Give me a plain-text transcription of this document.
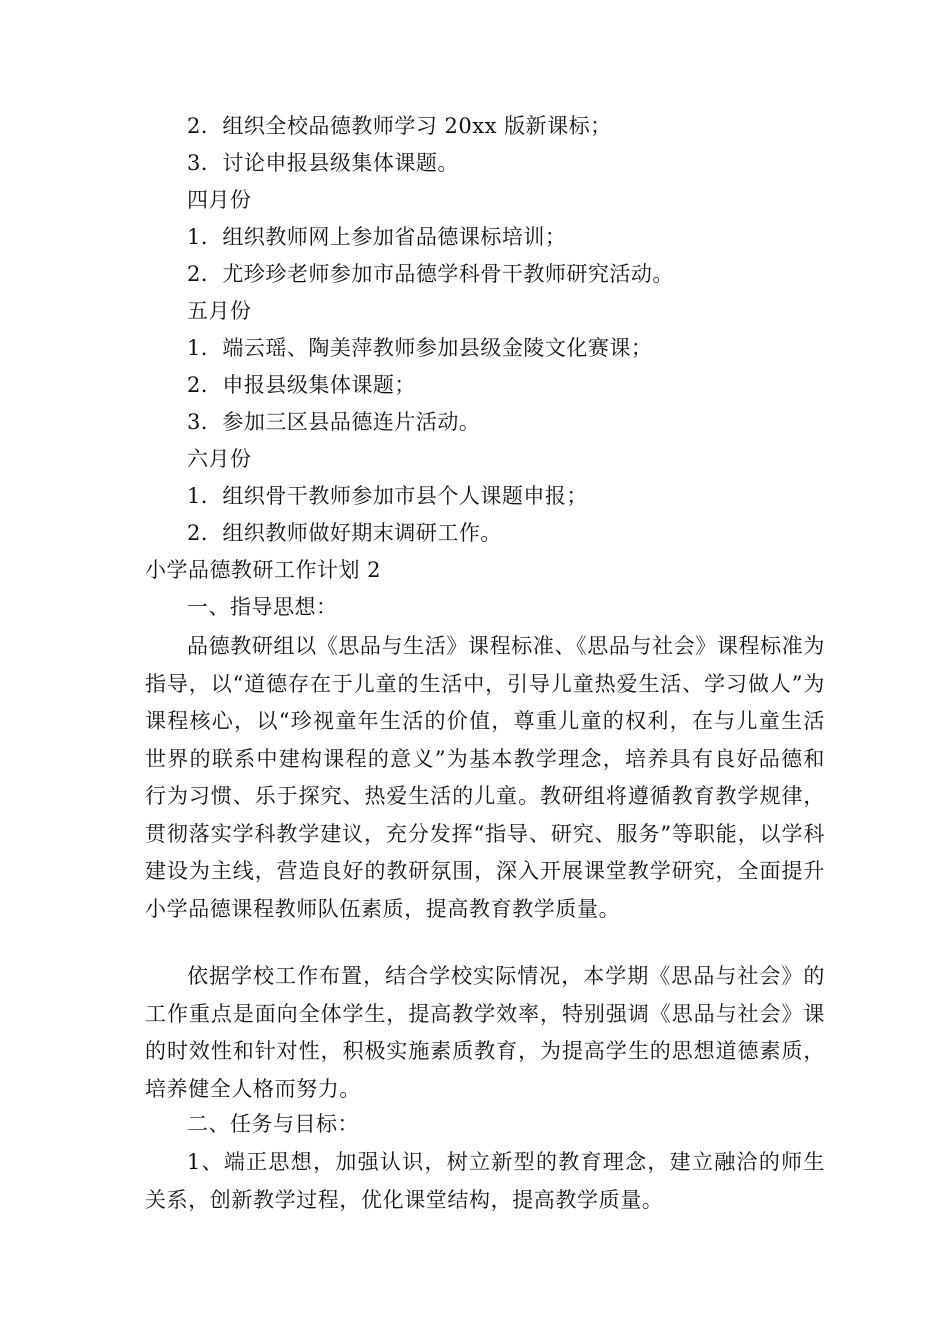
2．组织全校品德教师学习 20xx 版新课标；
3．讨论申报县级集体课题。
四月份
1．组织教师网上参加省品德课标培训；
2．尤珍珍老师参加市品德学科骨干教师研究活动。
五月份
1．端云瑶、陶美萍教师参加县级金陵文化赛课；
2．申报县级集体课题；
3．参加三区县品德连片活动。
六月份
1．组织骨干教师参加市县个人课题申报；
2．组织教师做好期末调研工作。
小学品德教研工作计划 2
一、指导思想：
品德教研组以《思品与生活》课程标准、《思品与社会》课程标准为指导，以“道德存在于儿童的生活中，引导儿童热爱生活、学习做人”为课程核心，以“珍视童年生活的价值，尊重儿童的权利，在与儿童生活世界的联系中建构课程的意义”为基本教学理念，培养具有良好品德和行为习惯、乐于探究、热爱生活的儿童。教研组将遵循教育教学规律，贯彻落实学科教学建议，充分发挥“指导、研究、服务”等职能，以学科建设为主线，营造良好的教研氛围，深入开展课堂教学研究，全面提升小学品德课程教师队伍素质，提高教育教学质量。
依据学校工作布置，结合学校实际情况，本学期《思品与社会》的工作重点是面向全体学生，提高教学效率，特别强调《思品与社会》课的时效性和针对性，积极实施素质教育，为提高学生的思想道德素质，培养健全人格而努力。
二、任务与目标：
1、端正思想，加强认识，树立新型的教育理念，建立融洽的师生关系，创新教学过程，优化课堂结构，提高教学质量。
